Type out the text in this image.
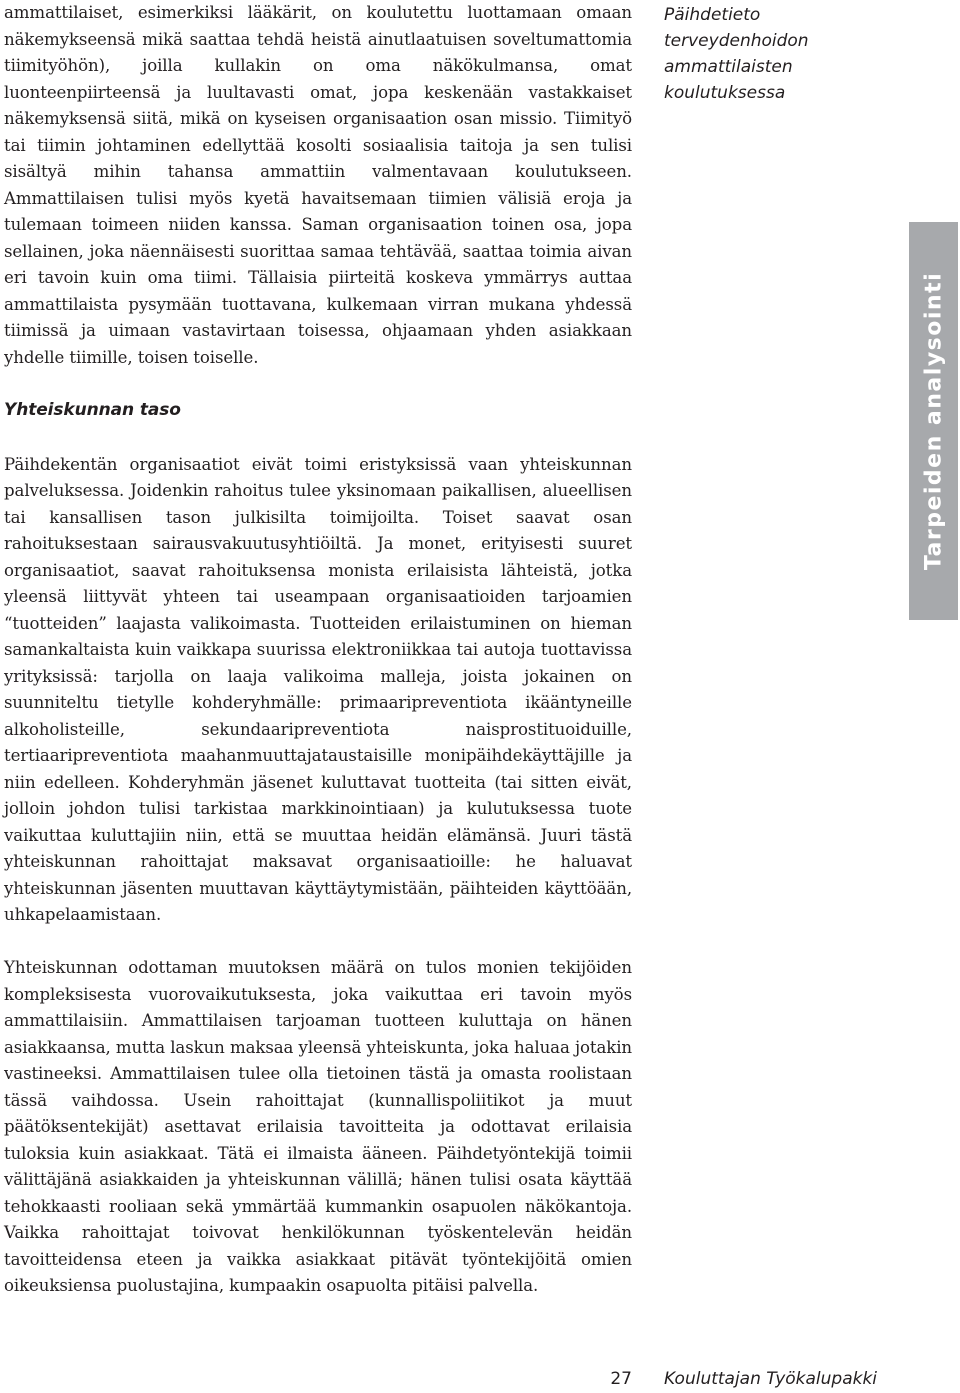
ammattilaiset, esimerkiksi lääkärit, on koulutettu luottamaan omaan näkemykseensä mikä saattaa tehdä heistä ainutlaatuisen soveltumattomia tiimityöhön), joilla kullakin on oma näkökulmansa, omat luonteenpiirteensä ja luultavasti omat, jopa keskenään vastakkaiset näkemyksensä siitä, mikä on kyseisen organisaation osan missio. Tiimityö tai tiimin johtaminen edellyttää kosolti sosiaalisia taitoja ja sen tulisi sisältyä mihin tahansa ammattiin valmentavaan koulutukseen. Ammattilaisen tulisi myös kyetä havaitsemaan tiimien välisiä eroja ja tulemaan toimeen niiden kanssa. Saman organisaation toinen osa, jopa sellainen, joka näennäisesti suorittaa samaa tehtävää, saattaa toimia aivan eri tavoin kuin oma tiimi. Tällaisia piirteitä koskeva ymmärrys auttaa ammattilaista pysymään tuottavana, kulkemaan virran mukana yhdessä tiimissä ja uimaan vastavirtaan toisessa, ohjaamaan yhden asiakkaan yhdelle tiimille, toisen toiselle.

Yhteiskunnan taso

Päihdekentän organisaatiot eivät toimi eristyksissä vaan yhteiskunnan palveluksessa. Joidenkin rahoitus tulee yksinomaan paikallisen, alueellisen tai kansallisen tason julkisilta toimijoilta. Toiset saavat osan rahoituksestaan sairausvakuutusyhtiöiltä. Ja monet, erityisesti suuret organisaatiot, saavat rahoituksensa monista erilaisista lähteistä, jotka yleensä liittyvät yhteen tai useampaan organisaatioiden tarjoamien “tuotteiden” laajasta valikoimasta. Tuotteiden erilaistuminen on hieman samankaltaista kuin vaikkapa suurissa elektroniikkaa tai autoja tuottavissa yrityksissä: tarjolla on laaja valikoima malleja, joista jokainen on suunniteltu tietylle kohderyhmälle: primaaripreventiota ikääntyneille alkoholisteille, sekundaaripreventiota naisprostituoiduille, tertiaaripreventiota maahanmuuttajataustaisille monipäihdekäyttäjille ja niin edelleen. Kohderyhmän jäsenet kuluttavat tuotteita (tai sitten eivät, jolloin johdon tulisi tarkistaa markkinointiaan) ja kulutuksessa tuote vaikuttaa kuluttajiin niin, että se muuttaa heidän elämänsä. Juuri tästä yhteiskunnan rahoittajat maksavat organisaatioille: he haluavat yhteiskunnan jäsenten muuttavan käyttäytymistään, päihteiden käyttöään, uhkapelaamistaan.

Yhteiskunnan odottaman muutoksen määrä on tulos monien tekijöiden kompleksisesta vuorovaikutuksesta, joka vaikuttaa eri tavoin myös ammattilaisiin. Ammattilaisen tarjoaman tuotteen kuluttaja on hänen asiakkaansa, mutta laskun maksaa yleensä yhteiskunta, joka haluaa jotakin vastineeksi. Ammattilaisen tulee olla tietoinen tästä ja omasta roolistaan tässä vaihdossa. Usein rahoittajat (kunnallispoliitikot ja muut päätöksentekijät) asettavat erilaisia tavoitteita ja odottavat erilaisia tuloksia kuin asiakkaat. Tätä ei ilmaista ääneen. Päihdetyöntekijä toimii välittäjänä asiakkaiden ja yhteiskunnan välillä; hänen tulisi osata käyttää tehokkaasti rooliaan sekä ymmärtää kummankin osapuolen näkökantoja. Vaikka rahoittajat toivovat henkilökunnan työskentelevän heidän tavoitteidensa eteen ja vaikka asiakkaat pitävät työntekijöitä omien oikeuksiensa puolustajina, kumpaakin osapuolta pitäisi palvella.

Päihdetieto
terveydenhoidon
ammattilaisten
koulutuksessa
Tarpeiden analysointi
27 Kouluttajan Työkalupakki
